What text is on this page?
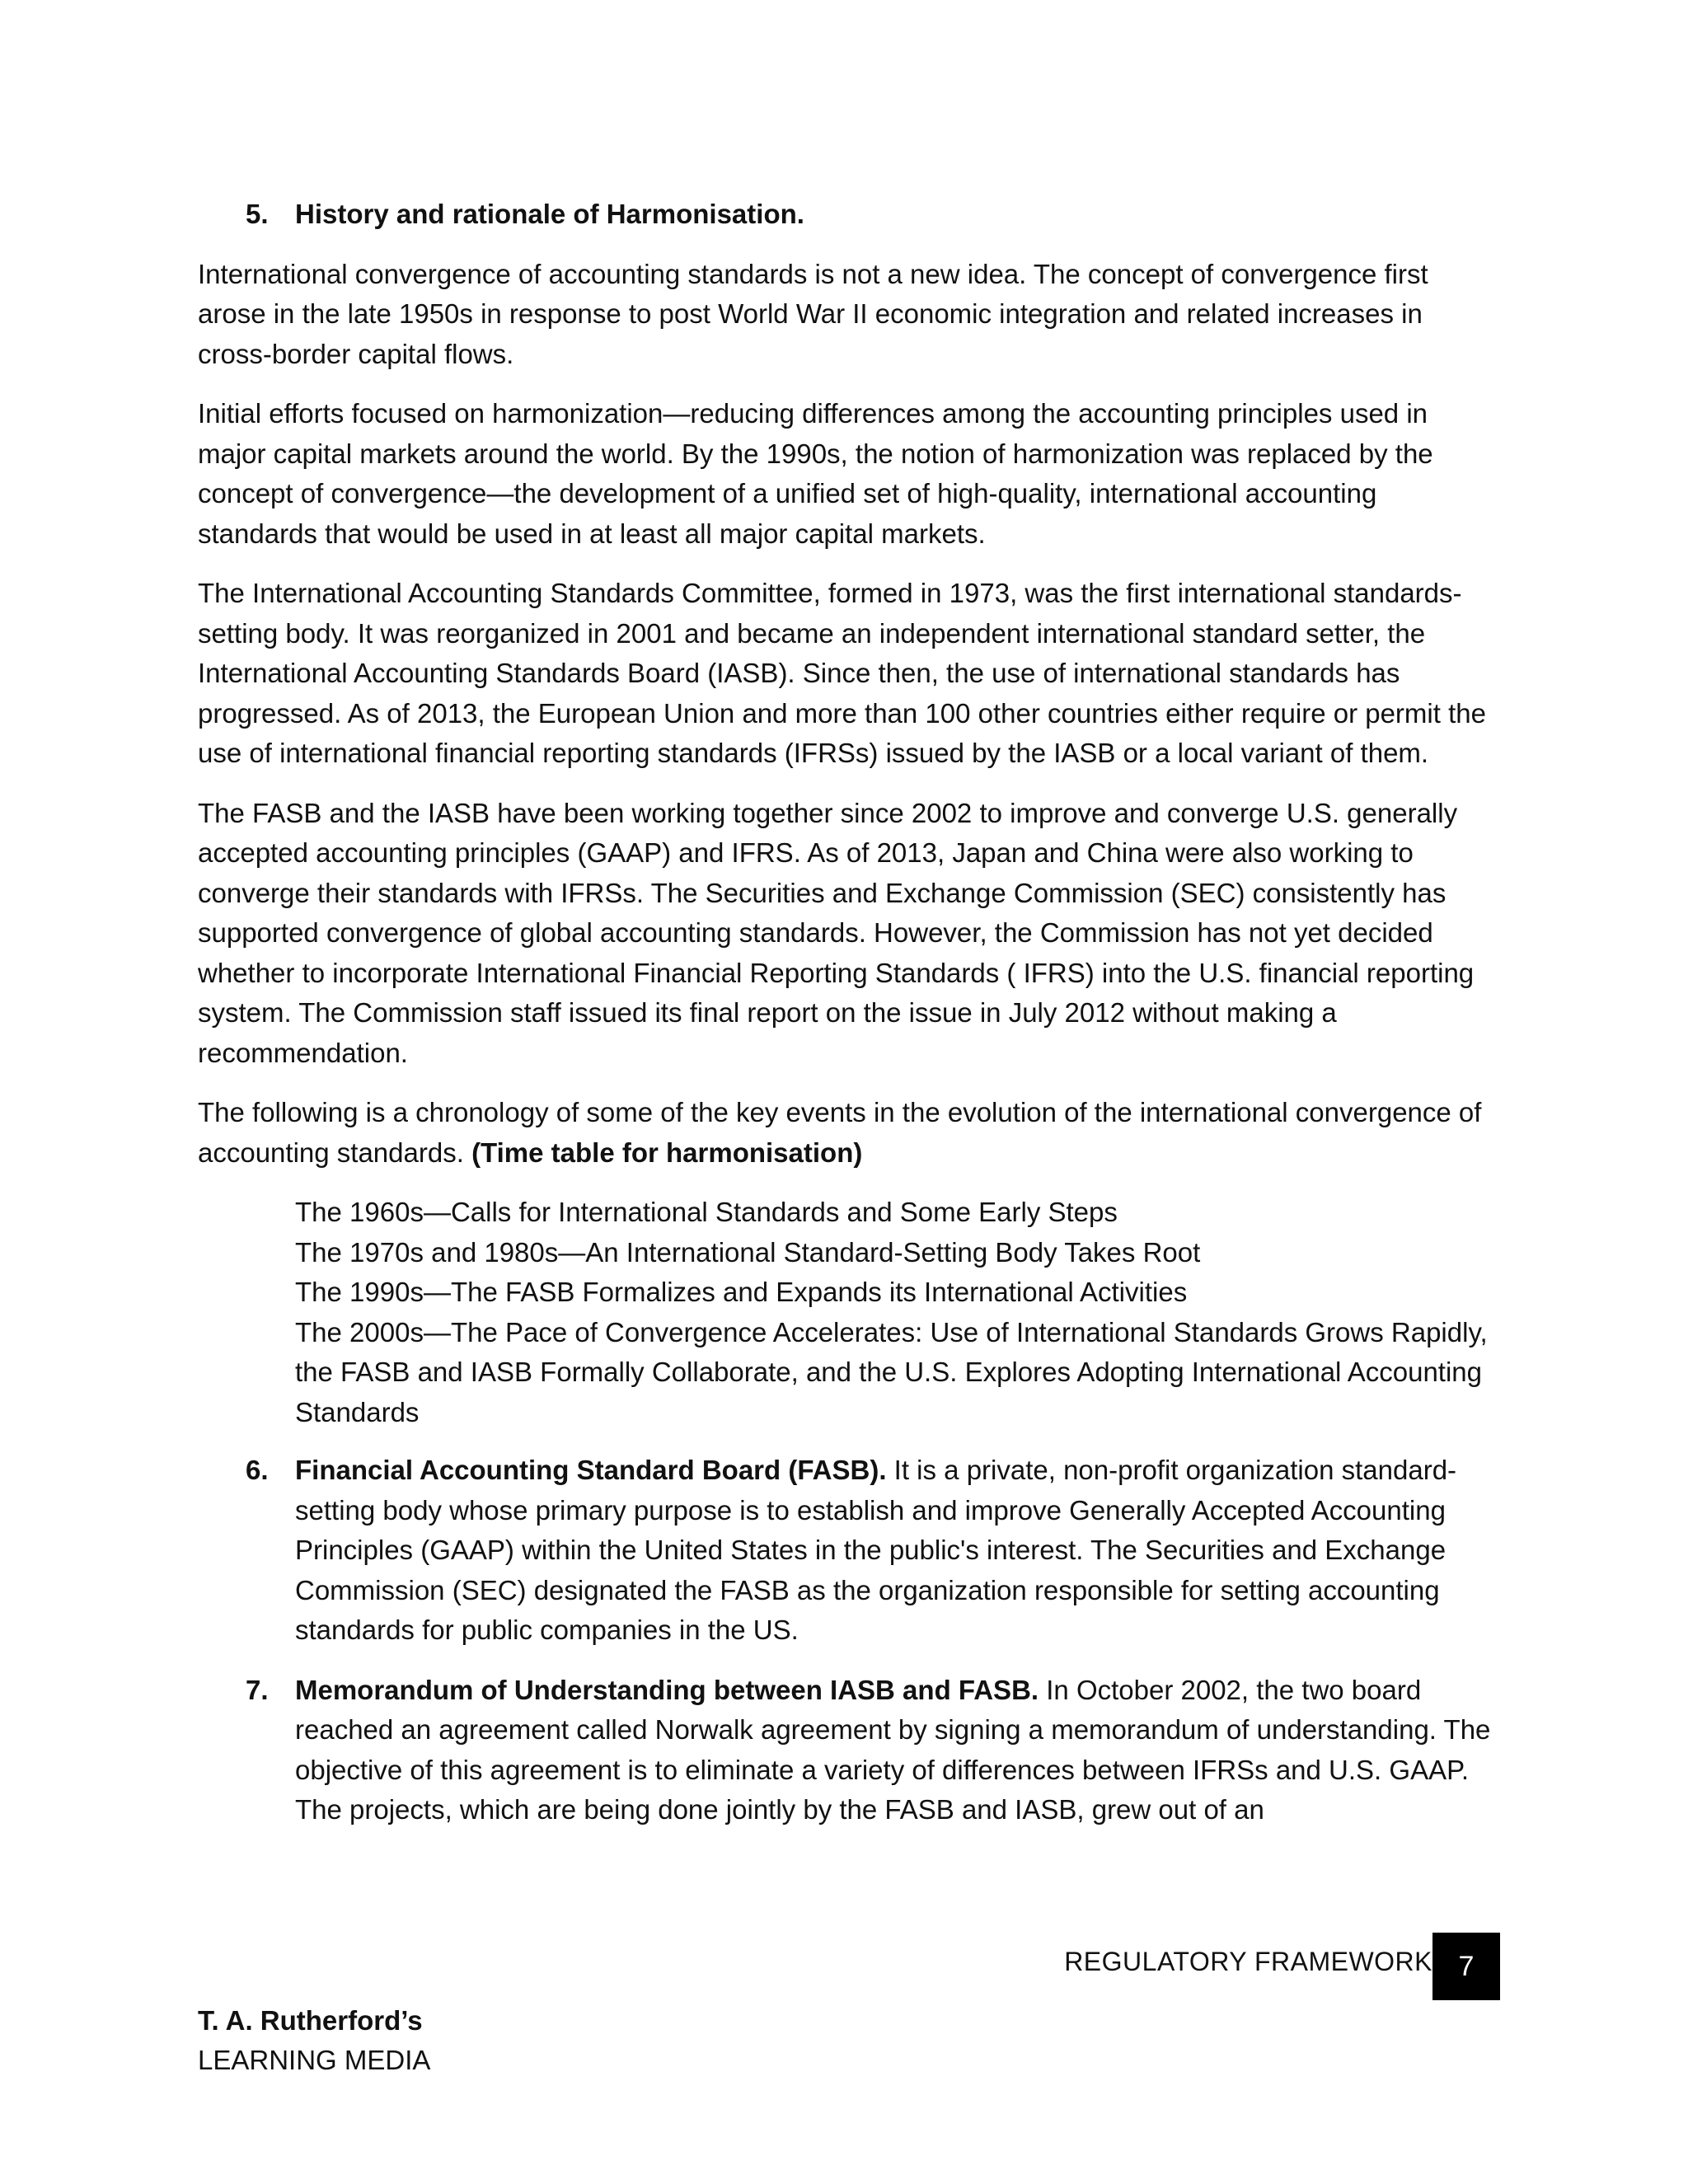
5. History and rationale of Harmonisation.

International convergence of accounting standards is not a new idea. The concept of convergence first arose in the late 1950s in response to post World War II economic integration and related increases in cross-border capital flows.

Initial efforts focused on harmonization—reducing differences among the accounting principles used in major capital markets around the world. By the 1990s, the notion of harmonization was replaced by the concept of convergence—the development of a unified set of high-quality, international accounting standards that would be used in at least all major capital markets.

The International Accounting Standards Committee, formed in 1973, was the first international standards-setting body. It was reorganized in 2001 and became an independent international standard setter, the International Accounting Standards Board (IASB). Since then, the use of international standards has progressed. As of 2013, the European Union and more than 100 other countries either require or permit the use of international financial reporting standards (IFRSs) issued by the IASB or a local variant of them.

The FASB and the IASB have been working together since 2002 to improve and converge U.S. generally accepted accounting principles (GAAP) and IFRS. As of 2013, Japan and China were also working to converge their standards with IFRSs. The Securities and Exchange Commission (SEC) consistently has supported convergence of global accounting standards. However, the Commission has not yet decided whether to incorporate International Financial Reporting Standards ( IFRS) into the U.S. financial reporting system. The Commission staff issued its final report on the issue in July 2012 without making a recommendation.

The following is a chronology of some of the key events in the evolution of the international convergence of accounting standards. (Time table for harmonisation)

The 1960s—Calls for International Standards and Some Early Steps
The 1970s and 1980s—An International Standard-Setting Body Takes Root
The 1990s—The FASB Formalizes and Expands its International Activities
The 2000s—The Pace of Convergence Accelerates: Use of International Standards Grows Rapidly, the FASB and IASB Formally Collaborate, and the U.S. Explores Adopting International Accounting Standards
6. Financial Accounting Standard Board (FASB). It is a private, non-profit organization standard-setting body whose primary purpose is to establish and improve Generally Accepted Accounting Principles (GAAP) within the United States in the public's interest. The Securities and Exchange Commission (SEC) designated the FASB as the organization responsible for setting accounting standards for public companies in the US.
7. Memorandum of Understanding between IASB and FASB. In October 2002, the two board reached an agreement called Norwalk agreement by signing a memorandum of understanding. The objective of this agreement is to eliminate a variety of differences between IFRSs and U.S. GAAP. The projects, which are being done jointly by the FASB and IASB, grew out of an
REGULATORY FRAMEWORK 7
T. A. Rutherford’s
LEARNING MEDIA
